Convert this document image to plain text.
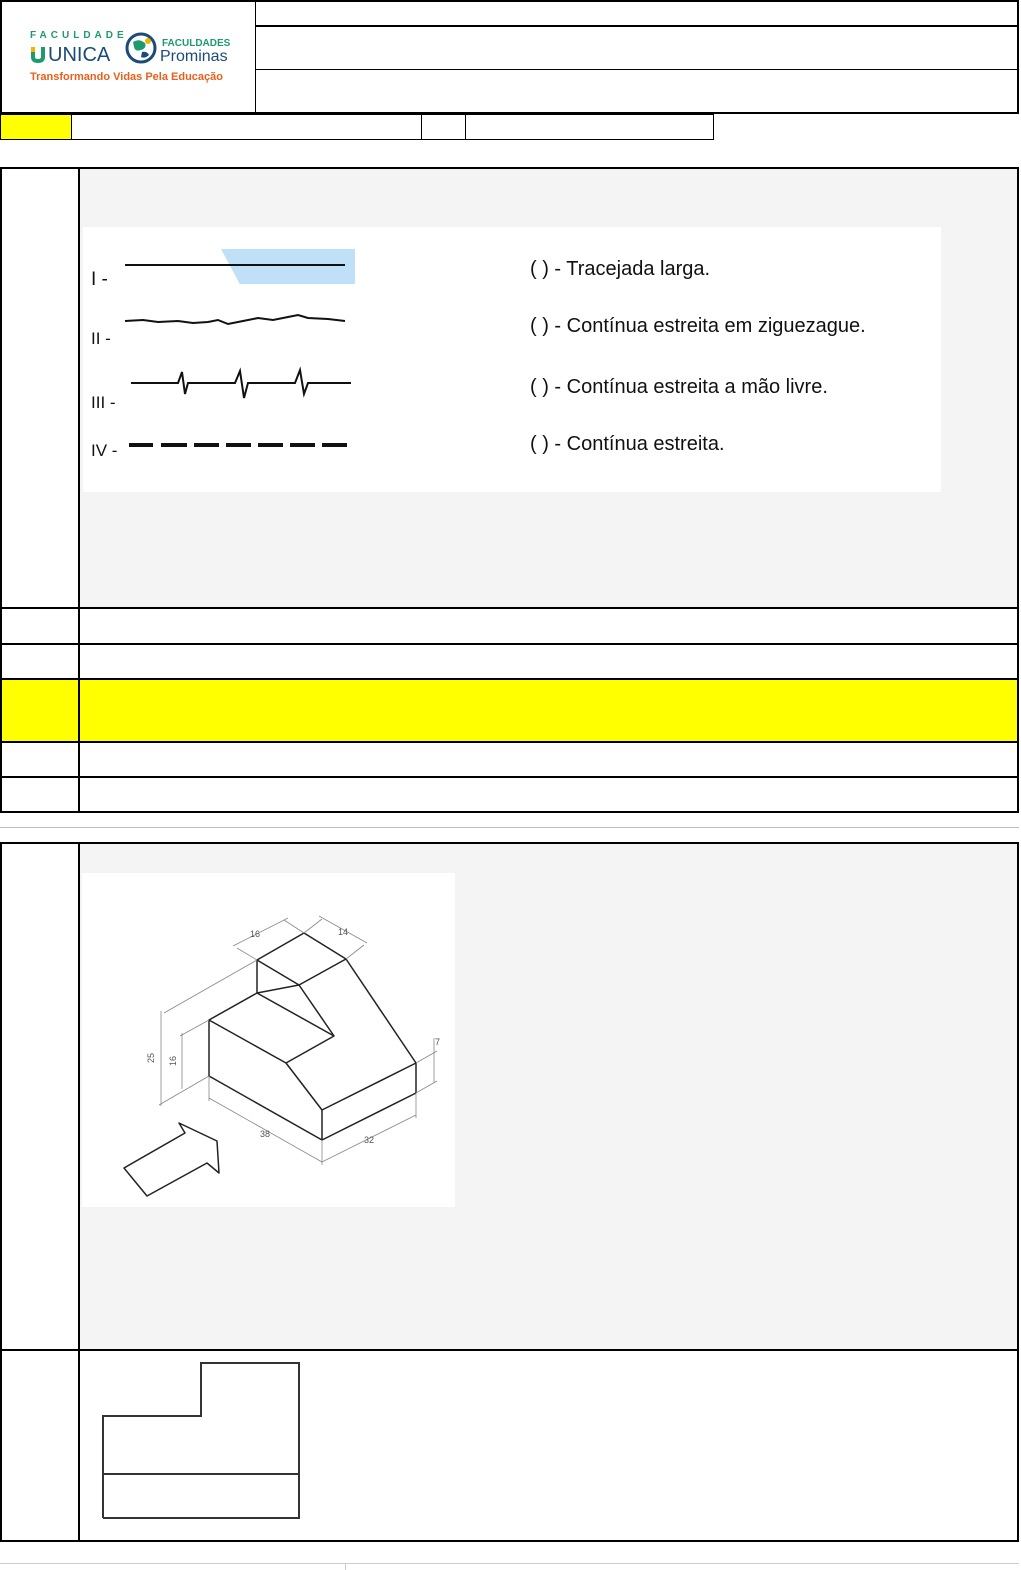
FACULDADE
UNICA
FACULDADES
Prominas
Transformando Vidas Pela Educação
I -
II -
III -
IV -
( ) - Tracejada larga.
( ) - Contínua estreita em ziguezague.
( ) - Contínua estreita a mão livre.
( ) - Contínua estreita.
16	14
25 16
7
38
32
